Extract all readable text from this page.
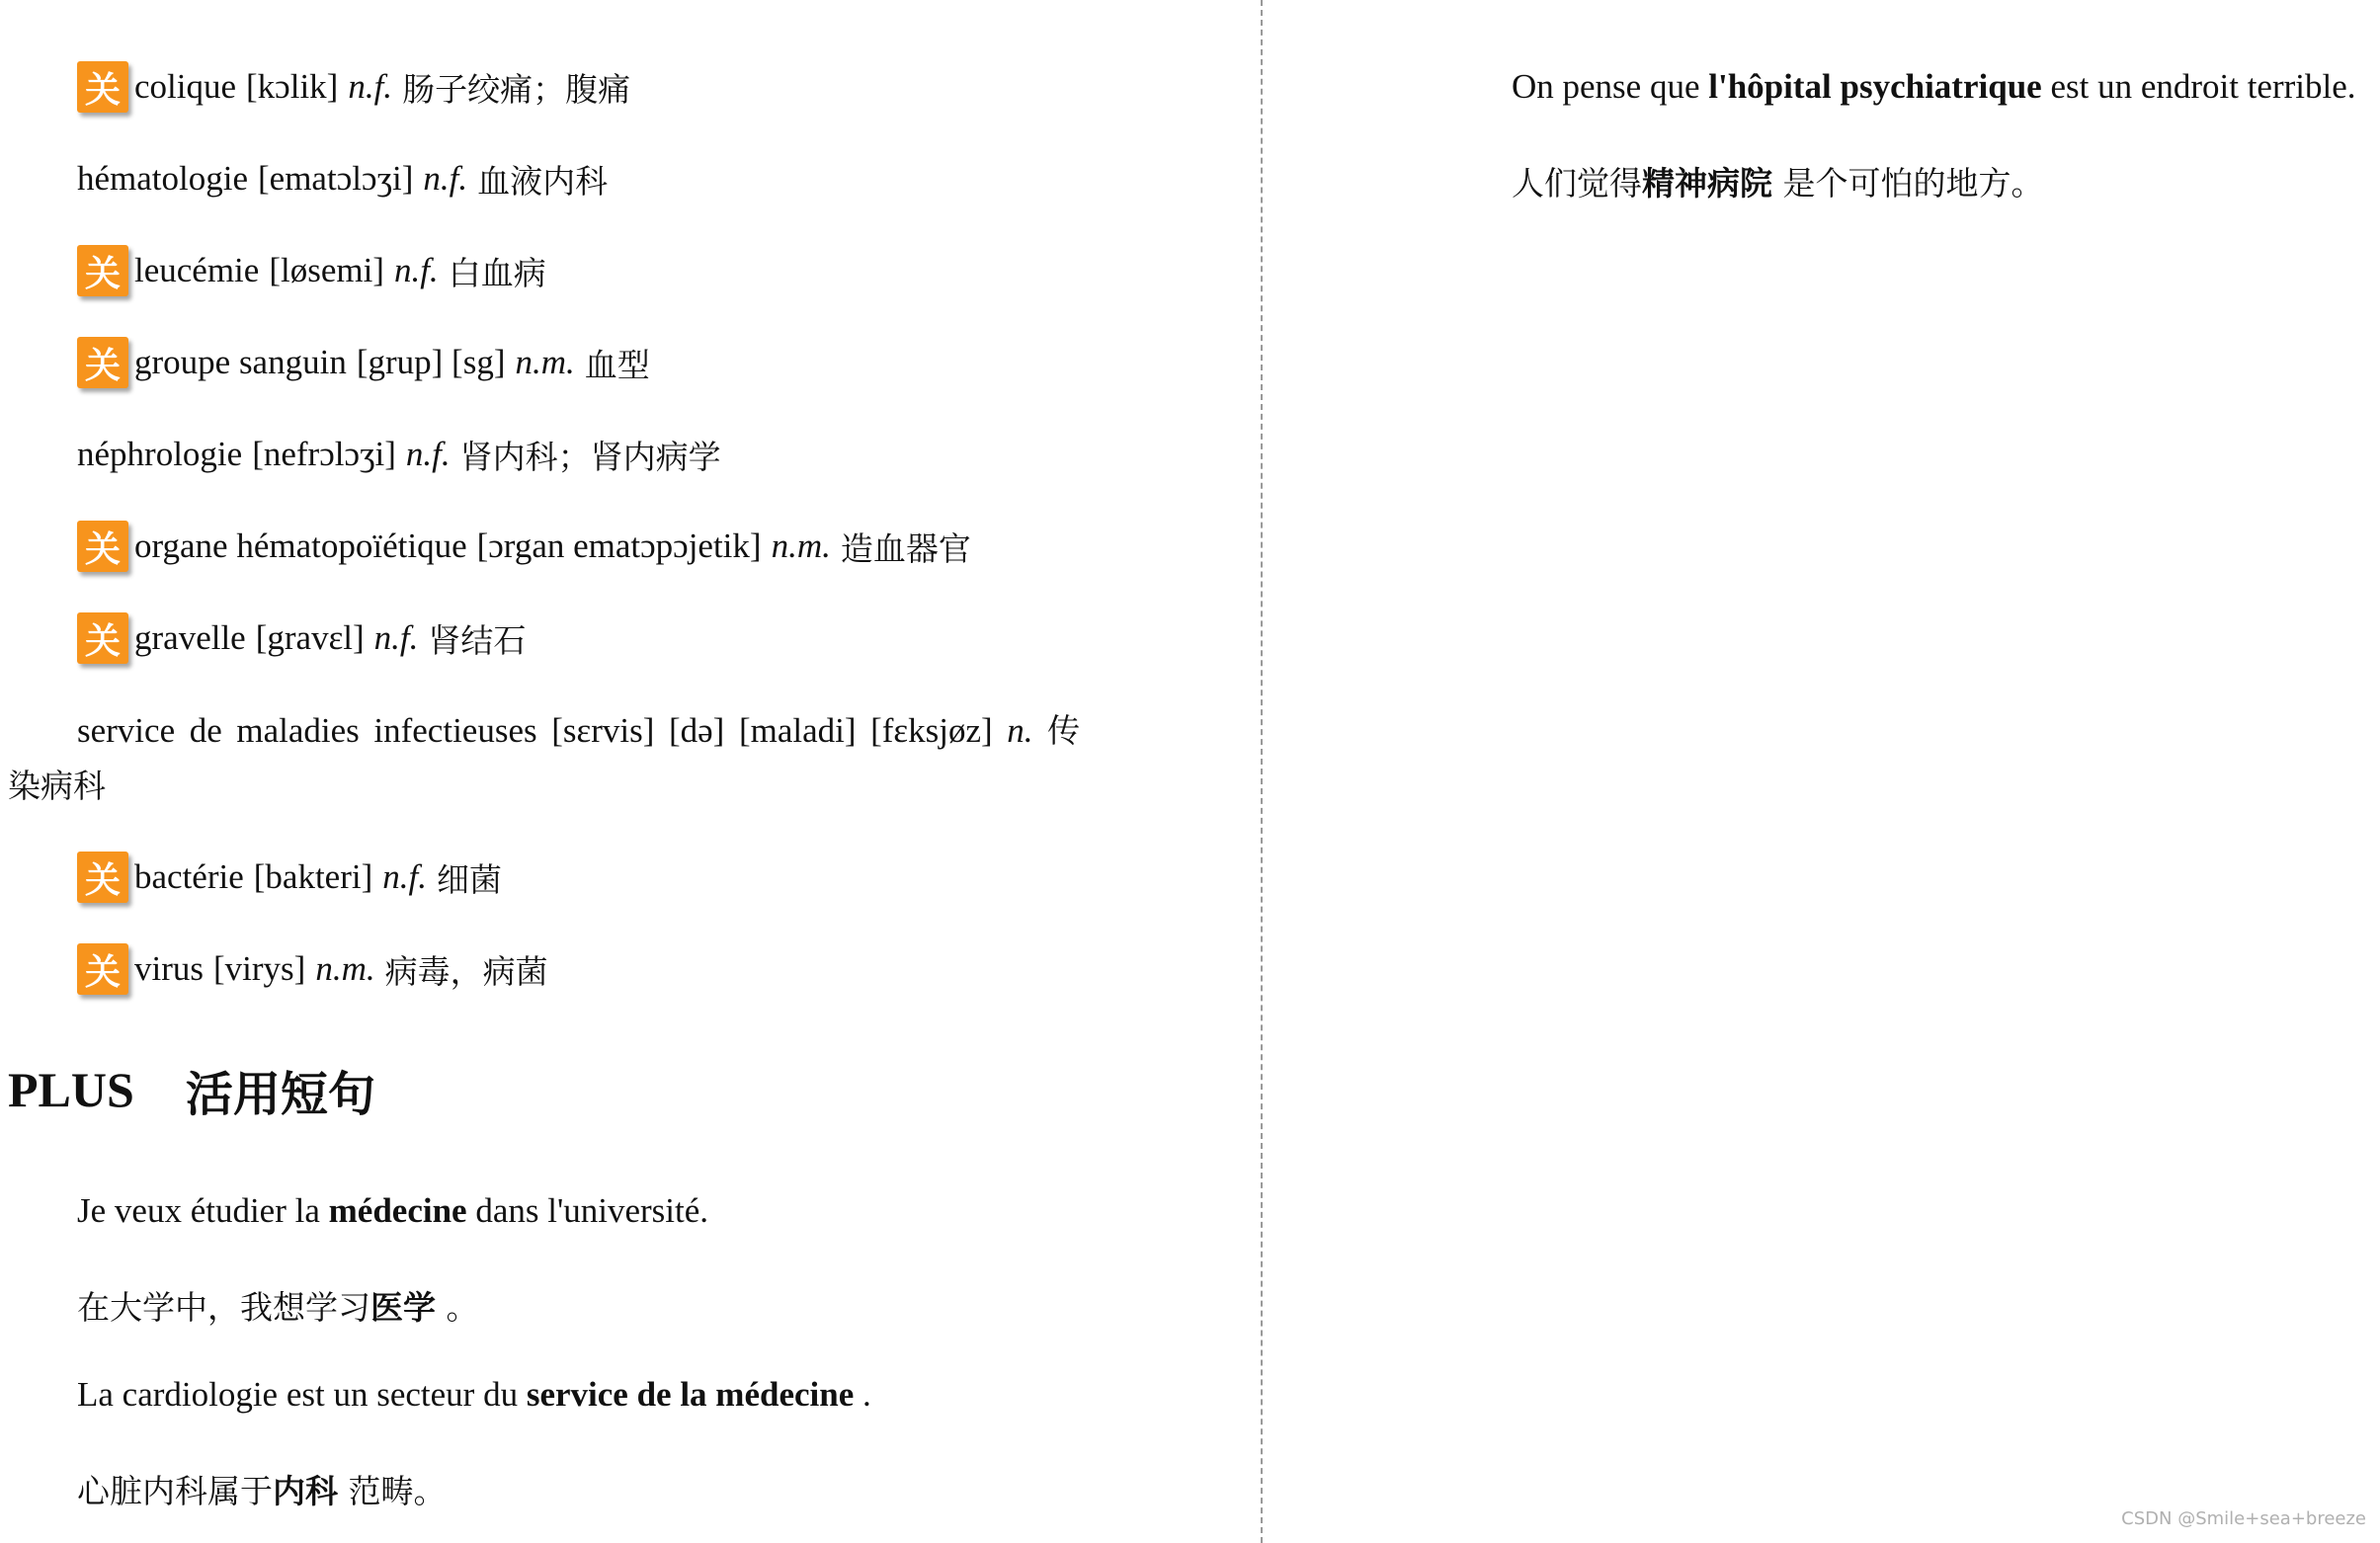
关 colique [kɔlik] n.f. 肠子绞痛；腹痛
hématologie [ematɔlɔʒi] n.f. 血液内科
关 leucémie [løsemi] n.f. 白血病
关 groupe sanguin [grup] [sg] n.m. 血型
néphrologie [nefrɔlɔʒi] n.f. 肾内科；肾内病学
关 organe hématopoïétique [ɔrgan ematɔpɔjetik] n.m. 造血器官
关 gravelle [gravɛl] n.f. 肾结石
service de maladies infectieuses [sɛrvis] [də] [maladi] [fɛksjøz] n. 传
染病科
关 bactérie [bakteri] n.f. 细菌
关 virus [virys] n.m. 病毒，病菌
PLUS 活用短句
Je veux étudier la médecine dans l'université.
在大学中，我想学习医学 。
La cardiologie est un secteur du service de la médecine .
心脏内科属于内科 范畴。
On pense que l'hôpital psychiatrique est un endroit terrible.
人们觉得精神病院 是个可怕的地方。
CSDN @Smile+sea+breeze
